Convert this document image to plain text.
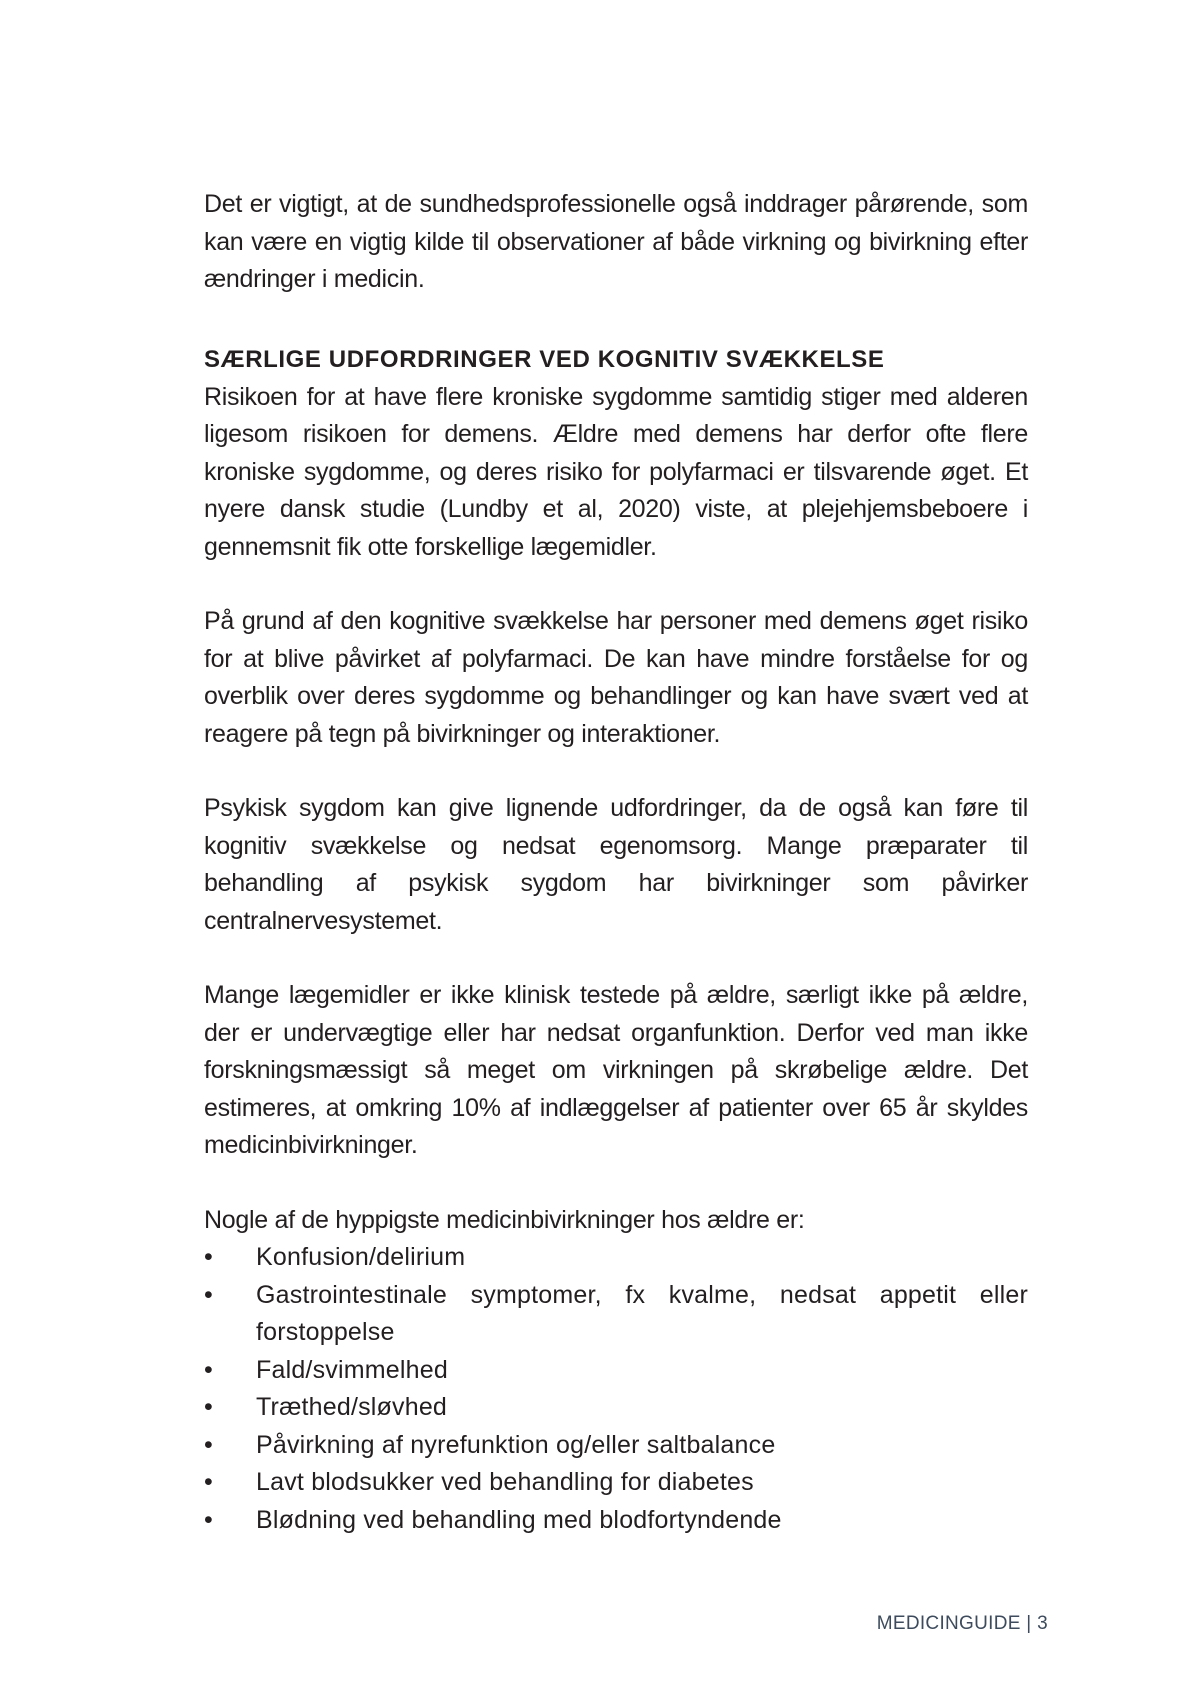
Det er vigtigt, at de sundhedsprofessionelle også inddrager pårørende, som kan være en vigtig kilde til observationer af både virkning og bivirkning efter ændringer i medicin.

SÆRLIGE UDFORDRINGER VED KOGNITIV SVÆKKELSE

Risikoen for at have flere kroniske sygdomme samtidig stiger med alderen ligesom risikoen for demens. Ældre med demens har derfor ofte flere kroniske sygdomme, og deres risiko for polyfarmaci er tilsvarende øget. Et nyere dansk studie (Lundby et al, 2020) viste, at plejehjemsbeboere i gennemsnit fik otte forskellige lægemidler.

På grund af den kognitive svækkelse har personer med demens øget risiko for at blive påvirket af polyfarmaci. De kan have mindre forståelse for og overblik over deres sygdomme og behandlinger og kan have svært ved at reagere på tegn på bivirkninger og interaktioner.

Psykisk sygdom kan give lignende udfordringer, da de også kan føre til kognitiv svækkelse og nedsat egenomsorg. Mange præparater til behandling af psykisk sygdom har bivirkninger som påvirker centralnervesystemet.

Mange lægemidler er ikke klinisk testede på ældre, særligt ikke på ældre, der er undervægtige eller har nedsat organfunktion. Derfor ved man ikke forskningsmæssigt så meget om virkningen på skrøbelige ældre. Det estimeres, at omkring 10% af indlæggelser af patienter over 65 år skyldes medicinbivirkninger.

Nogle af de hyppigste medicinbivirkninger hos ældre er:

•	Konfusion/delirium
•	Gastrointestinale symptomer, fx kvalme, nedsat appetit eller forstoppelse
•	Fald/svimmelhed
•	Træthed/sløvhed
•	Påvirkning af nyrefunktion og/eller saltbalance
•	Lavt blodsukker ved behandling for diabetes
•	Blødning ved behandling med blodfortyndende
MEDICINGUIDE | 3
